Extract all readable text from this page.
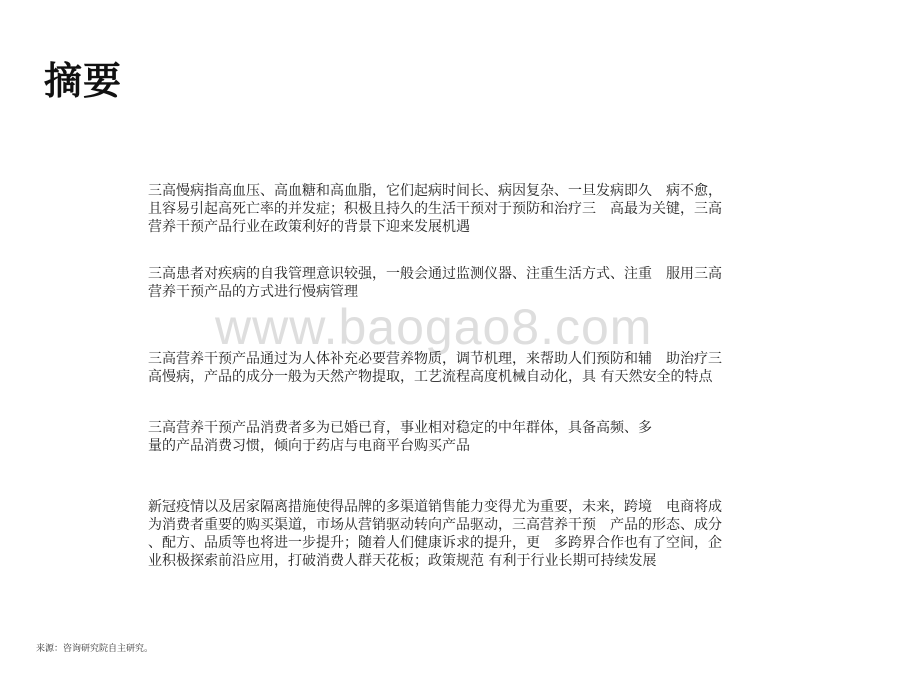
摘要
www.baogao8.com
三高慢病指高血压、高血糖和高血脂，它们起病时间长、病因复杂、一旦发病即久　病不愈，
且容易引起高死亡率的并发症；积极且持久的生活干预对于预防和治疗三　高最为关键，三高
营养干预产品行业在政策利好的背景下迎来发展机遇
三高患者对疾病的自我管理意识较强，一般会通过监测仪器、注重生活方式、注重　服用三高
营养干预产品的方式进行慢病管理
三高营养干预产品通过为人体补充必要营养物质，调节机理，来帮助人们预防和辅　助治疗三
高慢病，产品的成分一般为天然产物提取，工艺流程高度机械自动化，具 有天然安全的特点
三高营养干预产品消费者多为已婚已育，事业相对稳定的中年群体，具备高频、多
量的产品消费习惯，倾向于药店与电商平台购买产品
新冠疫情以及居家隔离措施使得品牌的多渠道销售能力变得尤为重要，未来，跨境　电商将成
为消费者重要的购买渠道，市场从营销驱动转向产品驱动，三高营养干预　产品的形态、成分
、配方、品质等也将进一步提升；随着人们健康诉求的提升，更　多跨界合作也有了空间，企
业积极探索前沿应用，打破消费人群天花板；政策规范 有利于行业长期可持续发展
来源：咨询研究院自主研究。
